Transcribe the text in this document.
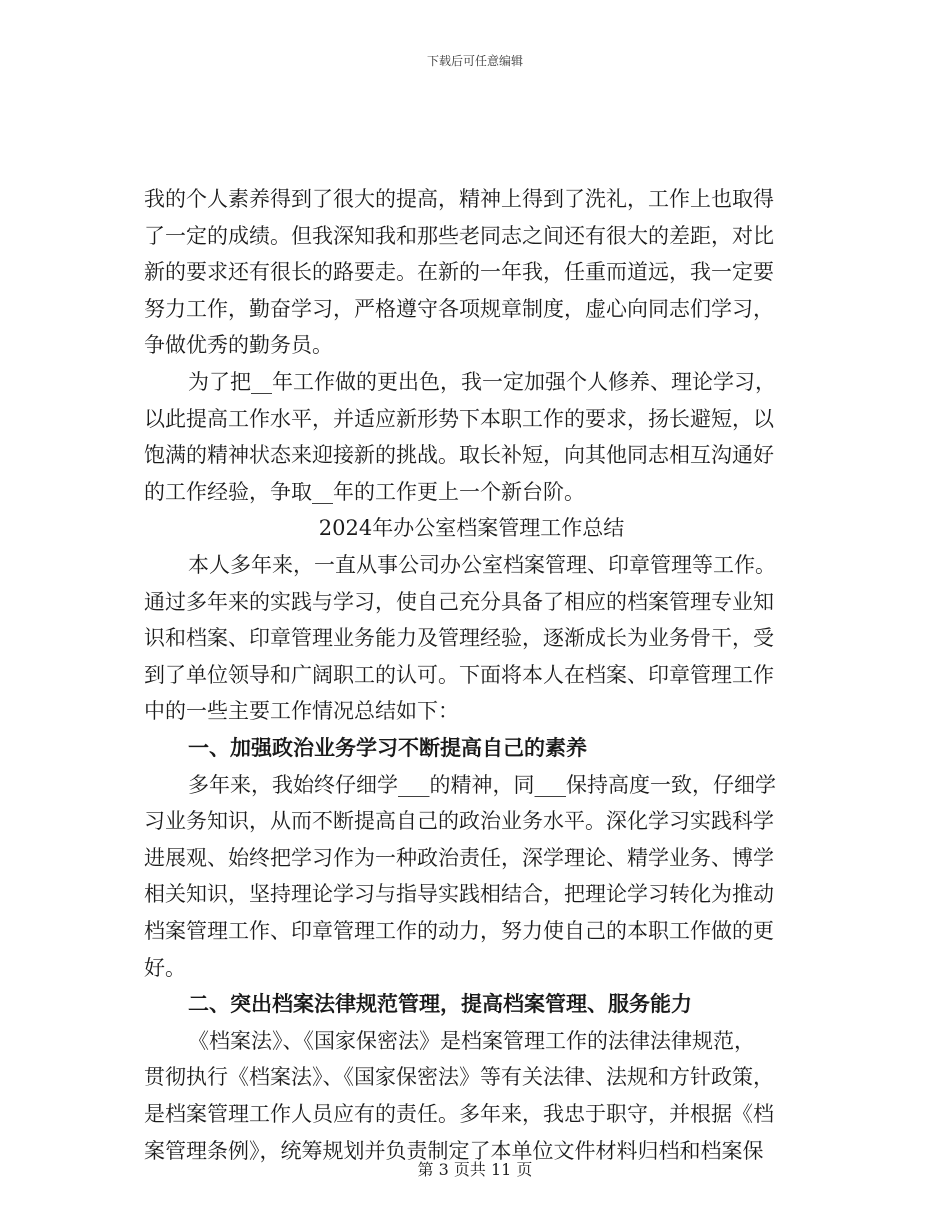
下载后可任意编辑
我的个人素养得到了很大的提高，精神上得到了洗礼，工作上也取得
了一定的成绩。但我深知我和那些老同志之间还有很大的差距，对比
新的要求还有很长的路要走。在新的一年我，任重而道远，我一定要
努力工作，勤奋学习，严格遵守各项规章制度，虚心向同志们学习，
争做优秀的勤务员。
为了把__年工作做的更出色，我一定加强个人修养、理论学习，
以此提高工作水平，并适应新形势下本职工作的要求，扬长避短，以
饱满的精神状态来迎接新的挑战。取长补短，向其他同志相互沟通好
的工作经验，争取__年的工作更上一个新台阶。
2024年办公室档案管理工作总结
本人多年来，一直从事公司办公室档案管理、印章管理等工作。
通过多年来的实践与学习，使自己充分具备了相应的档案管理专业知
识和档案、印章管理业务能力及管理经验，逐渐成长为业务骨干，受
到了单位领导和广阔职工的认可。下面将本人在档案、印章管理工作
中的一些主要工作情况总结如下：
一、加强政治业务学习不断提高自己的素养
多年来，我始终仔细学___的精神，同___保持高度一致，仔细学
习业务知识，从而不断提高自己的政治业务水平。深化学习实践科学
进展观、始终把学习作为一种政治责任，深学理论、精学业务、博学
相关知识，坚持理论学习与指导实践相结合，把理论学习转化为推动
档案管理工作、印章管理工作的动力，努力使自己的本职工作做的更
好。
二、突出档案法律规范管理，提高档案管理、服务能力
《档案法》、《国家保密法》是档案管理工作的法律法律规范，
贯彻执行《档案法》、《国家保密法》等有关法律、法规和方针政策，
是档案管理工作人员应有的责任。多年来，我忠于职守，并根据《档
案管理条例》，统筹规划并负责制定了本单位文件材料归档和档案保
第 3 页共 11 页
